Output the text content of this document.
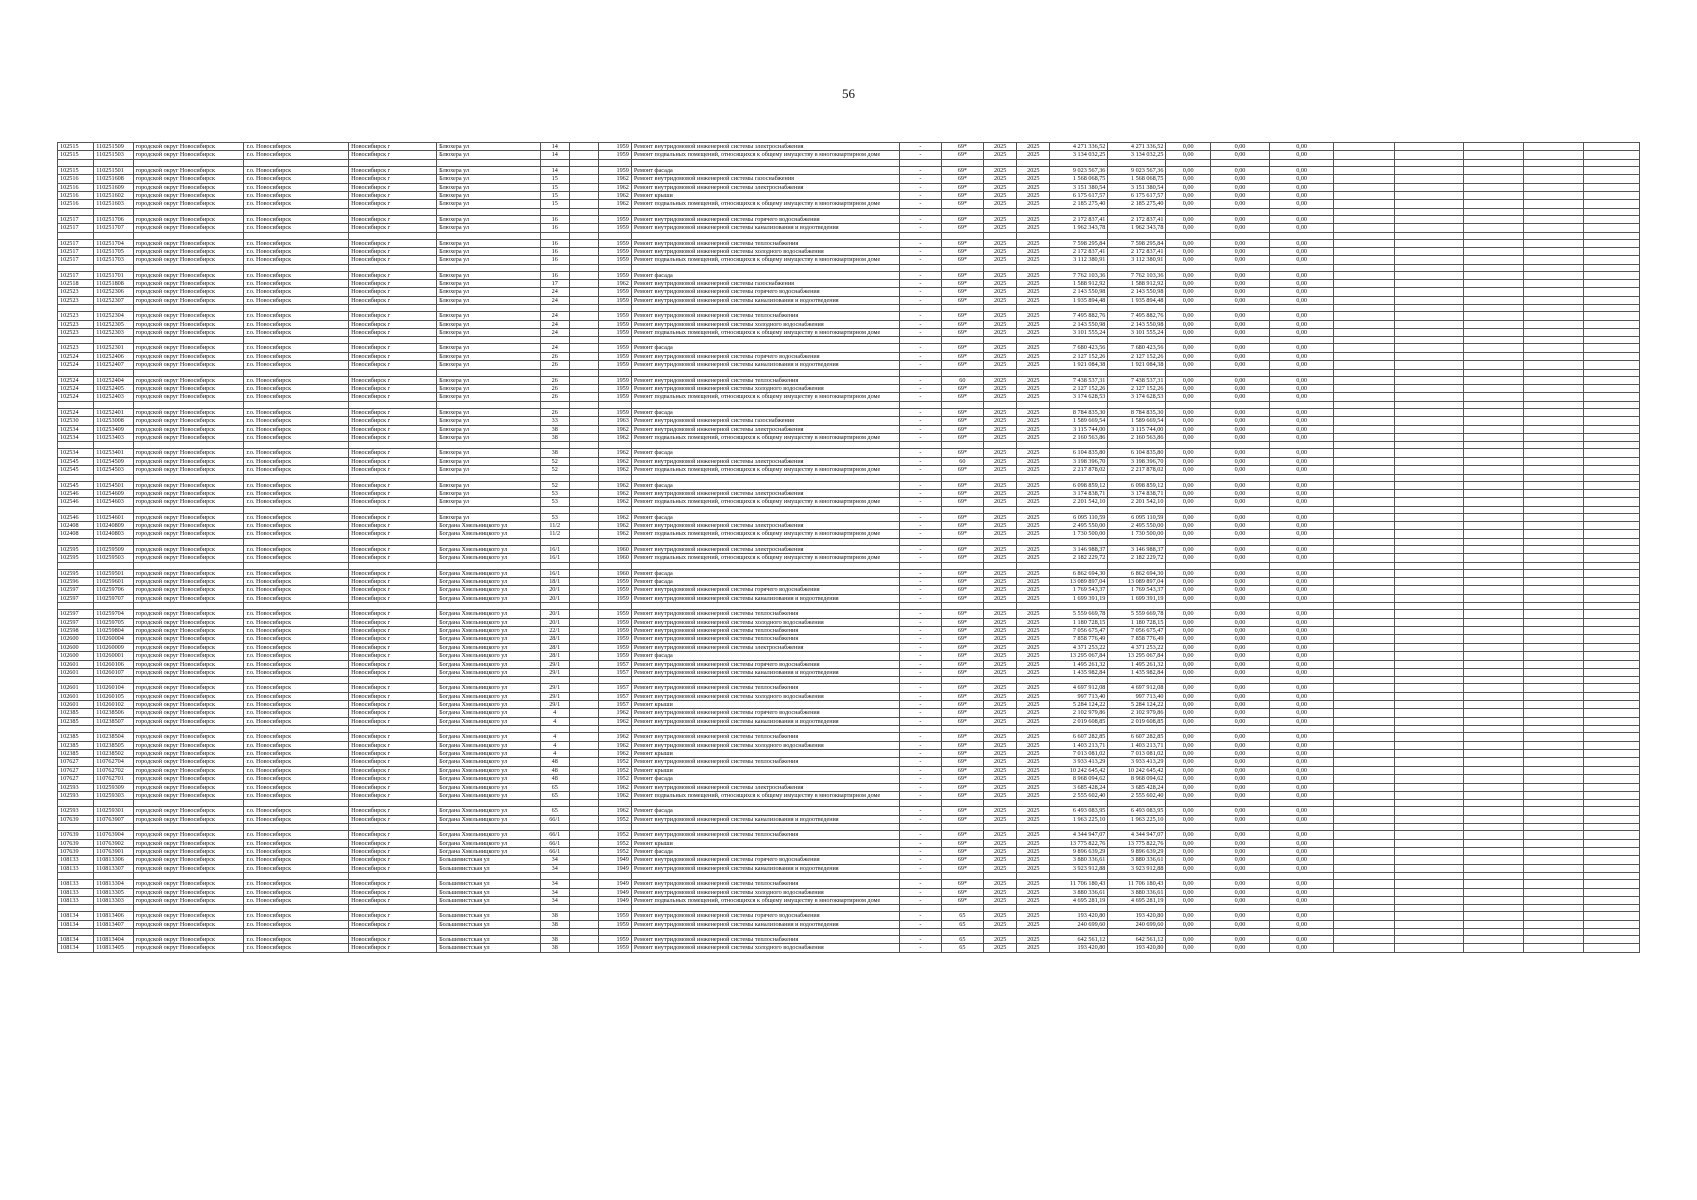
56
102515	110251509	городской округ Новосибирск	г.о. Новосибирск	Новосибирск г	Блюхера ул	14		1959	Ремонт внутридомовой инженерной системы электроснабжения	-	69*	2025	2025	4 271 336,52	4 271 336,52	0,00	0,00	0,00					
102515	110251503	городской округ Новосибирск	г.о. Новосибирск	Новосибирск г	Блюхера ул	14		1959	Ремонт подвальных помещений, относящихся к общему имуществу в многоквартирном доме	-	69*	2025	2025	3 134 032,25	3 134 032,25	0,00	0,00	0,00					

102515	110251501	городской округ Новосибирск	г.о. Новосибирск	Новосибирск г	Блюхера ул	14		1959	Ремонт фасада	-	69*	2025	2025	9 023 567,36	9 023 567,36	0,00	0,00	0,00					
102516	110251608	городской округ Новосибирск	г.о. Новосибирск	Новосибирск г	Блюхера ул	15		1962	Ремонт внутридомовой инженерной системы газоснабжения	-	69*	2025	2025	1 568 068,75	1 568 068,75	0,00	0,00	0,00					
102516	110251609	городской округ Новосибирск	г.о. Новосибирск	Новосибирск г	Блюхера ул	15		1962	Ремонт внутридомовой инженерной системы электроснабжения	-	69*	2025	2025	3 151 380,54	3 151 380,54	0,00	0,00	0,00					
102516	110251602	городской округ Новосибирск	г.о. Новосибирск	Новосибирск г	Блюхера ул	15		1962	Ремонт крыши	-	69*	2025	2025	6 175 617,57	6 175 617,57	0,00	0,00	0,00					
102516	110251603	городской округ Новосибирск	г.о. Новосибирск	Новосибирск г	Блюхера ул	15		1962	Ремонт подвальных помещений, относящихся к общему имуществу в многоквартирном доме	-	69*	2025	2025	2 185 275,40	2 185 275,40	0,00	0,00	0,00					

102517	110251706	городской округ Новосибирск	г.о. Новосибирск	Новосибирск г	Блюхера ул	16		1959	Ремонт внутридомовой инженерной системы горячего водоснабжения	-	69*	2025	2025	2 172 837,41	2 172 837,41	0,00	0,00	0,00					
102517	110251707	городской округ Новосибирск	г.о. Новосибирск	Новосибирск г	Блюхера ул	16		1959	Ремонт внутридомовой инженерной системы канализования и водоотведения	-	69*	2025	2025	1 962 343,78	1 962 343,78	0,00	0,00	0,00					

102517	110251704	городской округ Новосибирск	г.о. Новосибирск	Новосибирск г	Блюхера ул	16		1959	Ремонт внутридомовой инженерной системы теплоснабжения	-	69*	2025	2025	7 598 295,84	7 598 295,84	0,00	0,00	0,00					
102517	110251705	городской округ Новосибирск	г.о. Новосибирск	Новосибирск г	Блюхера ул	16		1959	Ремонт внутридомовой инженерной системы холодного водоснабжения	-	69*	2025	2025	2 172 837,41	2 172 837,41	0,00	0,00	0,00					
102517	110251703	городской округ Новосибирск	г.о. Новосибирск	Новосибирск г	Блюхера ул	16		1959	Ремонт подвальных помещений, относящихся к общему имуществу в многоквартирном доме	-	69*	2025	2025	3 112 380,91	3 112 380,91	0,00	0,00	0,00					

102517	110251701	городской округ Новосибирск	г.о. Новосибирск	Новосибирск г	Блюхера ул	16		1959	Ремонт фасада	-	69*	2025	2025	7 762 103,36	7 762 103,36	0,00	0,00	0,00					
102518	110251808	городской округ Новосибирск	г.о. Новосибирск	Новосибирск г	Блюхера ул	17		1962	Ремонт внутридомовой инженерной системы газоснабжения	-	69*	2025	2025	1 588 912,92	1 588 912,92	0,00	0,00	0,00					
102523	110252306	городской округ Новосибирск	г.о. Новосибирск	Новосибирск г	Блюхера ул	24		1959	Ремонт внутридомовой инженерной системы горячего водоснабжения	-	69*	2025	2025	2 143 550,98	2 143 550,98	0,00	0,00	0,00					
102523	110252307	городской округ Новосибирск	г.о. Новосибирск	Новосибирск г	Блюхера ул	24		1959	Ремонт внутридомовой инженерной системы канализования и водоотведения	-	69*	2025	2025	1 935 894,48	1 935 894,48	0,00	0,00	0,00					

102523	110252304	городской округ Новосибирск	г.о. Новосибирск	Новосибирск г	Блюхера ул	24		1959	Ремонт внутридомовой инженерной системы теплоснабжения	-	69*	2025	2025	7 495 882,76	7 495 882,76	0,00	0,00	0,00					
102523	110252305	городской округ Новосибирск	г.о. Новосибирск	Новосибирск г	Блюхера ул	24		1959	Ремонт внутридомовой инженерной системы холодного водоснабжения	-	69*	2025	2025	2 143 550,98	2 143 550,98	0,00	0,00	0,00					
102523	110252303	городской округ Новосибирск	г.о. Новосибирск	Новосибирск г	Блюхера ул	24		1959	Ремонт подвальных помещений, относящихся к общему имуществу в многоквартирном доме	-	69*	2025	2025	3 101 555,24	3 101 555,24	0,00	0,00	0,00					

102523	110252301	городской округ Новосибирск	г.о. Новосибирск	Новосибирск г	Блюхера ул	24		1959	Ремонт фасада	-	69*	2025	2025	7 680 423,56	7 680 423,56	0,00	0,00	0,00					
102524	110252406	городской округ Новосибирск	г.о. Новосибирск	Новосибирск г	Блюхера ул	26		1959	Ремонт внутридомовой инженерной системы горячего водоснабжения	-	69*	2025	2025	2 127 152,26	2 127 152,26	0,00	0,00	0,00					
102524	110252407	городской округ Новосибирск	г.о. Новосибирск	Новосибирск г	Блюхера ул	26		1959	Ремонт внутридомовой инженерной системы канализования и водоотведения	-	69*	2025	2025	1 921 084,38	1 921 084,38	0,00	0,00	0,00					

102524	110252404	городской округ Новосибирск	г.о. Новосибирск	Новосибирск г	Блюхера ул	26		1959	Ремонт внутридомовой инженерной системы теплоснабжения	-	60	2025	2025	7 438 537,31	7 438 537,31	0,00	0,00	0,00					
102524	110252405	городской округ Новосибирск	г.о. Новосибирск	Новосибирск г	Блюхера ул	26		1959	Ремонт внутридомовой инженерной системы холодного водоснабжения	-	69*	2025	2025	2 127 152,26	2 127 152,26	0,00	0,00	0,00					
102524	110252403	городской округ Новосибирск	г.о. Новосибирск	Новосибирск г	Блюхера ул	26		1959	Ремонт подвальных помещений, относящихся к общему имуществу в многоквартирном доме	-	69*	2025	2025	3 174 628,53	3 174 628,53	0,00	0,00	0,00					

102524	110252401	городской округ Новосибирск	г.о. Новосибирск	Новосибирск г	Блюхера ул	26		1959	Ремонт фасада	-	69*	2025	2025	8 784 835,30	8 784 835,30	0,00	0,00	0,00					
102530	110253008	городской округ Новосибирск	г.о. Новосибирск	Новосибирск г	Блюхера ул	33		1963	Ремонт внутридомовой инженерной системы газоснабжения	-	69*	2025	2025	1 589 669,54	1 589 669,54	0,00	0,00	0,00					
102534	110253409	городской округ Новосибирск	г.о. Новосибирск	Новосибирск г	Блюхера ул	38		1962	Ремонт внутридомовой инженерной системы электроснабжения	-	69*	2025	2025	3 115 744,00	3 115 744,00	0,00	0,00	0,00					
102534	110253403	городской округ Новосибирск	г.о. Новосибирск	Новосибирск г	Блюхера ул	38		1962	Ремонт подвальных помещений, относящихся к общему имуществу в многоквартирном доме	-	69*	2025	2025	2 160 563,86	2 160 563,86	0,00	0,00	0,00					

102534	110253401	городской округ Новосибирск	г.о. Новосибирск	Новосибирск г	Блюхера ул	38		1962	Ремонт фасада	-	69*	2025	2025	6 104 835,80	6 104 835,80	0,00	0,00	0,00					
102545	110254509	городской округ Новосибирск	г.о. Новосибирск	Новосибирск г	Блюхера ул	52		1962	Ремонт внутридомовой инженерной системы электроснабжения	-	60	2025	2025	3 198 396,70	3 198 396,70	0,00	0,00	0,00					
102545	110254503	городской округ Новосибирск	г.о. Новосибирск	Новосибирск г	Блюхера ул	52		1962	Ремонт подвальных помещений, относящихся к общему имуществу в многоквартирном доме	-	69*	2025	2025	2 217 878,02	2 217 878,02	0,00	0,00	0,00					

102545	110254501	городской округ Новосибирск	г.о. Новосибирск	Новосибирск г	Блюхера ул	52		1962	Ремонт фасада	-	69*	2025	2025	6 098 859,12	6 098 859,12	0,00	0,00	0,00					
102546	110254609	городской округ Новосибирск	г.о. Новосибирск	Новосибирск г	Блюхера ул	53		1962	Ремонт внутридомовой инженерной системы электроснабжения	-	69*	2025	2025	3 174 838,71	3 174 838,71	0,00	0,00	0,00					
102546	110254603	городской округ Новосибирск	г.о. Новосибирск	Новосибирск г	Блюхера ул	53		1962	Ремонт подвальных помещений, относящихся к общему имуществу в многоквартирном доме	-	69*	2025	2025	2 201 542,10	2 201 542,10	0,00	0,00	0,00					

102546	110254601	городской округ Новосибирск	г.о. Новосибирск	Новосибирск г	Блюхера ул	53		1962	Ремонт фасада	-	69*	2025	2025	6 095 110,59	6 095 110,59	0,00	0,00	0,00					
102408	110240809	городской округ Новосибирск	г.о. Новосибирск	Новосибирск г	Богдана Хмельницкого ул	11/2		1962	Ремонт внутридомовой инженерной системы электроснабжения	-	69*	2025	2025	2 495 550,00	2 495 550,00	0,00	0,00	0,00					
102408	110240803	городской округ Новосибирск	г.о. Новосибирск	Новосибирск г	Богдана Хмельницкого ул	11/2		1962	Ремонт подвальных помещений, относящихся к общему имуществу в многоквартирном доме	-	69*	2025	2025	1 730 500,00	1 730 500,00	0,00	0,00	0,00					

102595	110259509	городской округ Новосибирск	г.о. Новосибирск	Новосибирск г	Богдана Хмельницкого ул	16/1		1960	Ремонт внутридомовой инженерной системы электроснабжения	-	69*	2025	2025	3 146 988,37	3 146 988,37	0,00	0,00	0,00					
102595	110259503	городской округ Новосибирск	г.о. Новосибирск	Новосибирск г	Богдана Хмельницкого ул	16/1		1960	Ремонт подвальных помещений, относящихся к общему имуществу в многоквартирном доме	-	69*	2025	2025	2 182 229,72	2 182 229,72	0,00	0,00	0,00					

102595	110259501	городской округ Новосибирск	г.о. Новосибирск	Новосибирск г	Богдана Хмельницкого ул	16/1		1960	Ремонт фасада	-	69*	2025	2025	6 862 694,30	6 862 694,30	0,00	0,00	0,00					
102596	110259601	городской округ Новосибирск	г.о. Новосибирск	Новосибирск г	Богдана Хмельницкого ул	18/1		1959	Ремонт фасада	-	69*	2025	2025	13 089 897,04	13 089 897,04	0,00	0,00	0,00					
102597	110259706	городской округ Новосибирск	г.о. Новосибирск	Новосибирск г	Богдана Хмельницкого ул	20/1		1959	Ремонт внутридомовой инженерной системы горячего водоснабжения	-	69*	2025	2025	1 769 543,37	1 769 543,37	0,00	0,00	0,00					
102597	110259707	городской округ Новосибирск	г.о. Новосибирск	Новосибирск г	Богдана Хмельницкого ул	20/1		1959	Ремонт внутридомовой инженерной системы канализования и водоотведения	-	69*	2025	2025	1 699 391,19	1 699 391,19	0,00	0,00	0,00					

102597	110259704	городской округ Новосибирск	г.о. Новосибирск	Новосибирск г	Богдана Хмельницкого ул	20/1		1959	Ремонт внутридомовой инженерной системы теплоснабжения	-	69*	2025	2025	5 559 669,78	5 559 669,78	0,00	0,00	0,00					
102597	110259705	городской округ Новосибирск	г.о. Новосибирск	Новосибирск г	Богдана Хмельницкого ул	20/1		1959	Ремонт внутридомовой инженерной системы холодного водоснабжения	-	69*	2025	2025	1 180 728,15	1 180 728,15	0,00	0,00	0,00					
102598	110259804	городской округ Новосибирск	г.о. Новосибирск	Новосибирск г	Богдана Хмельницкого ул	22/1		1959	Ремонт внутридомовой инженерной системы теплоснабжения	-	69*	2025	2025	7 056 675,47	7 056 675,47	0,00	0,00	0,00					
102600	110260004	городской округ Новосибирск	г.о. Новосибирск	Новосибирск г	Богдана Хмельницкого ул	28/1		1959	Ремонт внутридомовой инженерной системы теплоснабжения	-	69*	2025	2025	7 858 776,49	7 858 776,49	0,00	0,00	0,00					
102600	110260009	городской округ Новосибирск	г.о. Новосибирск	Новосибирск г	Богдана Хмельницкого ул	28/1		1959	Ремонт внутридомовой инженерной системы электроснабжения	-	69*	2025	2025	4 371 253,22	4 371 253,22	0,00	0,00	0,00					
102600	110260001	городской округ Новосибирск	г.о. Новосибирск	Новосибирск г	Богдана Хмельницкого ул	28/1		1959	Ремонт фасада	-	69*	2025	2025	13 295 067,84	13 295 067,84	0,00	0,00	0,00					
102601	110260106	городской округ Новосибирск	г.о. Новосибирск	Новосибирск г	Богдана Хмельницкого ул	29/1		1957	Ремонт внутридомовой инженерной системы горячего водоснабжения	-	69*	2025	2025	1 495 261,32	1 495 261,32	0,00	0,00	0,00					
102601	110260107	городской округ Новосибирск	г.о. Новосибирск	Новосибирск г	Богдана Хмельницкого ул	29/1		1957	Ремонт внутридомовой инженерной системы канализования и водоотведения	-	69*	2025	2025	1 435 982,84	1 435 982,84	0,00	0,00	0,00					

102601	110260104	городской округ Новосибирск	г.о. Новосибирск	Новосибирск г	Богдана Хмельницкого ул	29/1		1957	Ремонт внутридомовой инженерной системы теплоснабжения	-	69*	2025	2025	4 697 912,08	4 697 912,08	0,00	0,00	0,00					
102601	110260105	городской округ Новосибирск	г.о. Новосибирск	Новосибирск г	Богдана Хмельницкого ул	29/1		1957	Ремонт внутридомовой инженерной системы холодного водоснабжения	-	69*	2025	2025	997 713,40	997 713,40	0,00	0,00	0,00					
102601	110260102	городской округ Новосибирск	г.о. Новосибирск	Новосибирск г	Богдана Хмельницкого ул	29/1		1957	Ремонт крыши	-	69*	2025	2025	5 284 124,22	5 284 124,22	0,00	0,00	0,00					
102385	110238506	городской округ Новосибирск	г.о. Новосибирск	Новосибирск г	Богдана Хмельницкого ул	4		1962	Ремонт внутридомовой инженерной системы горячего водоснабжения	-	69*	2025	2025	2 102 979,86	2 102 979,86	0,00	0,00	0,00					
102385	110238507	городской округ Новосибирск	г.о. Новосибирск	Новосибирск г	Богдана Хмельницкого ул	4		1962	Ремонт внутридомовой инженерной системы канализования и водоотведения	-	69*	2025	2025	2 019 608,85	2 019 608,85	0,00	0,00	0,00					

102385	110238504	городской округ Новосибирск	г.о. Новосибирск	Новосибирск г	Богдана Хмельницкого ул	4		1962	Ремонт внутридомовой инженерной системы теплоснабжения	-	69*	2025	2025	6 607 282,85	6 607 282,85	0,00	0,00	0,00					
102385	110238505	городской округ Новосибирск	г.о. Новосибирск	Новосибирск г	Богдана Хмельницкого ул	4		1962	Ремонт внутридомовой инженерной системы холодного водоснабжения	-	69*	2025	2025	1 403 213,71	1 403 213,71	0,00	0,00	0,00					
102385	110238502	городской округ Новосибирск	г.о. Новосибирск	Новосибирск г	Богдана Хмельницкого ул	4		1962	Ремонт крыши	-	69*	2025	2025	7 013 081,02	7 013 081,02	0,00	0,00	0,00					
107627	110762704	городской округ Новосибирск	г.о. Новосибирск	Новосибирск г	Богдана Хмельницкого ул	48		1952	Ремонт внутридомовой инженерной системы теплоснабжения	-	69*	2025	2025	3 933 413,29	3 933 413,29	0,00	0,00	0,00					
107627	110762702	городской округ Новосибирск	г.о. Новосибирск	Новосибирск г	Богдана Хмельницкого ул	48		1952	Ремонт крыши	-	69*	2025	2025	10 242 645,42	10 242 645,42	0,00	0,00	0,00					
107627	110762701	городской округ Новосибирск	г.о. Новосибирск	Новосибирск г	Богдана Хмельницкого ул	48		1952	Ремонт фасада	-	69*	2025	2025	8 968 094,62	8 968 094,62	0,00	0,00	0,00					
102593	110259309	городской округ Новосибирск	г.о. Новосибирск	Новосибирск г	Богдана Хмельницкого ул	65		1962	Ремонт внутридомовой инженерной системы электроснабжения	-	69*	2025	2025	3 685 428,24	3 685 428,24	0,00	0,00	0,00					
102593	110259303	городской округ Новосибирск	г.о. Новосибирск	Новосибирск г	Богдана Хмельницкого ул	65		1962	Ремонт подвальных помещений, относящихся к общему имуществу в многоквартирном доме	-	69*	2025	2025	2 555 602,40	2 555 602,40	0,00	0,00	0,00					

102593	110259301	городской округ Новосибирск	г.о. Новосибирск	Новосибирск г	Богдана Хмельницкого ул	65		1962	Ремонт фасада	-	69*	2025	2025	6 493 083,95	6 493 083,95	0,00	0,00	0,00					
107639	110763907	городской округ Новосибирск	г.о. Новосибирск	Новосибирск г	Богдана Хмельницкого ул	66/1		1952	Ремонт внутридомовой инженерной системы канализования и водоотведения	-	69*	2025	2025	1 963 225,10	1 963 225,10	0,00	0,00	0,00					

107639	110763904	городской округ Новосибирск	г.о. Новосибирск	Новосибирск г	Богдана Хмельницкого ул	66/1		1952	Ремонт внутридомовой инженерной системы теплоснабжения	-	69*	2025	2025	4 344 947,07	4 344 947,07	0,00	0,00	0,00					
107639	110763902	городской округ Новосибирск	г.о. Новосибирск	Новосибирск г	Богдана Хмельницкого ул	66/1		1952	Ремонт крыши	-	69*	2025	2025	13 775 822,76	13 775 822,76	0,00	0,00	0,00					
107639	110763901	городской округ Новосибирск	г.о. Новосибирск	Новосибирск г	Богдана Хмельницкого ул	66/1		1952	Ремонт фасада	-	69*	2025	2025	9 896 639,29	9 896 639,29	0,00	0,00	0,00					
108133	110813306	городской округ Новосибирск	г.о. Новосибирск	Новосибирск г	Большевистская ул	34		1949	Ремонт внутридомовой инженерной системы горячего водоснабжения	-	69*	2025	2025	3 880 336,61	3 880 336,61	0,00	0,00	0,00					
108133	110813307	городской округ Новосибирск	г.о. Новосибирск	Новосибирск г	Большевистская ул	34		1949	Ремонт внутридомовой инженерной системы канализования и водоотведения	-	69*	2025	2025	3 923 912,88	3 923 912,88	0,00	0,00	0,00					

108133	110813304	городской округ Новосибирск	г.о. Новосибирск	Новосибирск г	Большевистская ул	34		1949	Ремонт внутридомовой инженерной системы теплоснабжения	-	69*	2025	2025	11 706 180,43	11 706 180,43	0,00	0,00	0,00					
108133	110813305	городской округ Новосибирск	г.о. Новосибирск	Новосибирск г	Большевистская ул	34		1949	Ремонт внутридомовой инженерной системы холодного водоснабжения	-	69*	2025	2025	3 880 336,61	3 880 336,61	0,00	0,00	0,00					
108133	110813303	городской округ Новосибирск	г.о. Новосибирск	Новосибирск г	Большевистская ул	34		1949	Ремонт подвальных помещений, относящихся к общему имуществу в многоквартирном доме	-	69*	2025	2025	4 695 281,19	4 695 281,19	0,00	0,00	0,00					

108134	110813406	городской округ Новосибирск	г.о. Новосибирск	Новосибирск г	Большевистская ул	38		1959	Ремонт внутридомовой инженерной системы горячего водоснабжения	-	65	2025	2025	193 420,80	193 420,80	0,00	0,00	0,00					
108134	110813407	городской округ Новосибирск	г.о. Новосибирск	Новосибирск г	Большевистская ул	38		1959	Ремонт внутридомовой инженерной системы канализования и водоотведения	-	65	2025	2025	240 699,60	240 699,60	0,00	0,00	0,00					

108134	110813404	городской округ Новосибирск	г.о. Новосибирск	Новосибирск г	Большевистская ул	38		1959	Ремонт внутридомовой инженерной системы теплоснабжения	-	65	2025	2025	642 561,12	642 561,12	0,00	0,00	0,00					
108134	110813405	городской округ Новосибирск	г.о. Новосибирск	Новосибирск г	Большевистская ул	38		1959	Ремонт внутридомовой инженерной системы холодного водоснабжения	-	65	2025	2025	193 420,80	193 420,80	0,00	0,00	0,00					
